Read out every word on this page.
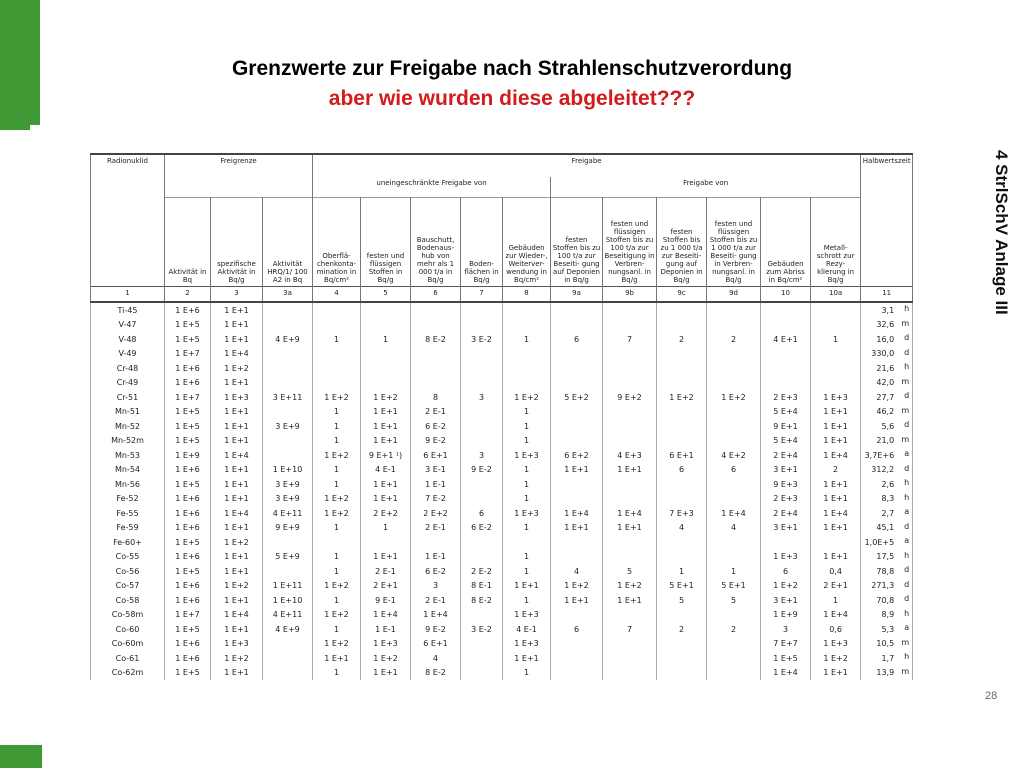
Grenzwerte zur Freigabe nach Strahlenschutzverordung
aber wie wurden diese abgeleitet???
4 StrlSchV Anlage III
28
Radionuklid	Freigrenze			Freigabe											Halbwertszeit
				uneingeschränkte Freigabe von					Freigabe von						
	Aktivität in Bq	spezifische Aktivität in Bq/g	Aktivität HRQ/1/ 100 A2 in Bq	Oberflä- chenkonta- mination in Bq/cm²	festen und flüssigen Stoffen in Bq/g	Bauschutt, Bodenaus- hub von mehr als 1 000 t/a in Bq/g	Boden- flächen in Bq/g	Gebäuden zur Wieder-, Weiterver- wendung in Bq/cm²	festen Stoffen bis zu 100 t/a zur Beseiti- gung auf Deponien in Bq/g	festen und flüssigen Stoffen bis zu 100 t/a zur Beseitigung in Verbren- nungsanl. in Bq/g	festen Stoffen bis zu 1 000 t/a zur Beseiti- gung auf Deponien in Bq/g	festen und flüssigen Stoffen bis zu 1 000 t/a zur Beseiti- gung in Verbren- nungsanl. in Bq/g	Gebäuden zum Abriss in Bq/cm²	Metall- schrott zur Rezy- klierung in Bq/g	
1	2	3	3a	4	5	6	7	8	9a	9b	9c	9d	10	10a	11
Ti-45	1 E+6	1 E+1													3,1 h

V-47	1 E+5	1 E+1													32,6 m

V-48	1 E+5	1 E+1	4 E+9	1	1	8 E-2	3 E-2	1	6	7	2	2	4 E+1	1	16,0 d

V-49	1 E+7	1 E+4													330,0 d

Cr-48	1 E+6	1 E+2													21,6 h

Cr-49	1 E+6	1 E+1													42,0 m

Cr-51	1 E+7	1 E+3	3 E+11	1 E+2	1 E+2	8	3	1 E+2	5 E+2	9 E+2	1 E+2	1 E+2	2 E+3	1 E+3	27,7 d

Mn-51	1 E+5	1 E+1		1	1 E+1	2 E-1		1					5 E+4	1 E+1	46,2 m

Mn-52	1 E+5	1 E+1	3 E+9	1	1 E+1	6 E-2		1					9 E+1	1 E+1	5,6 d

Mn-52m	1 E+5	1 E+1		1	1 E+1	9 E-2		1					5 E+4	1 E+1	21,0 m

Mn-53	1 E+9	1 E+4		1 E+2	9 E+1 ¹)	6 E+1	3	1 E+3	6 E+2	4 E+3	6 E+1	4 E+2	2 E+4	1 E+4	3,7E+6 a

Mn-54	1 E+6	1 E+1	1 E+10	1	4 E-1	3 E-1	9 E-2	1	1 E+1	1 E+1	6	6	3 E+1	2	312,2 d

Mn-56	1 E+5	1 E+1	3 E+9	1	1 E+1	1 E-1		1					9 E+3	1 E+1	2,6 h

Fe-52	1 E+6	1 E+1	3 E+9	1 E+2	1 E+1	7 E-2		1					2 E+3	1 E+1	8,3 h

Fe-55	1 E+6	1 E+4	4 E+11	1 E+2	2 E+2	2 E+2	6	1 E+3	1 E+4	1 E+4	7 E+3	1 E+4	2 E+4	1 E+4	2,7 a

Fe-59	1 E+6	1 E+1	9 E+9	1	1	2 E-1	6 E-2	1	1 E+1	1 E+1	4	4	3 E+1	1 E+1	45,1 d

Fe-60+	1 E+5	1 E+2													1,0E+5 a

Co-55	1 E+6	1 E+1	5 E+9	1	1 E+1	1 E-1		1					1 E+3	1 E+1	17,5 h

Co-56	1 E+5	1 E+1		1	2 E-1	6 E-2	2 E-2	1	4	5	1	1	6	0,4	78,8 d

Co-57	1 E+6	1 E+2	1 E+11	1 E+2	2 E+1	3	8 E-1	1 E+1	1 E+2	1 E+2	5 E+1	5 E+1	1 E+2	2 E+1	271,3 d

Co-58	1 E+6	1 E+1	1 E+10	1	9 E-1	2 E-1	8 E-2	1	1 E+1	1 E+1	5	5	3 E+1	1	70,8 d

Co-58m	1 E+7	1 E+4	4 E+11	1 E+2	1 E+4	1 E+4		1 E+3					1 E+9	1 E+4	8,9 h

Co-60	1 E+5	1 E+1	4 E+9	1	1 E-1	9 E-2	3 E-2	4 E-1	6	7	2	2	3	0,6	5,3 a

Co-60m	1 E+6	1 E+3		1 E+2	1 E+3	6 E+1		1 E+3					7 E+7	1 E+3	10,5 m

Co-61	1 E+6	1 E+2		1 E+1	1 E+2	4		1 E+1					1 E+5	1 E+2	1,7 h

Co-62m	1 E+5	1 E+1		1	1 E+1	8 E-2		1					1 E+4	1 E+1	13,9 m
